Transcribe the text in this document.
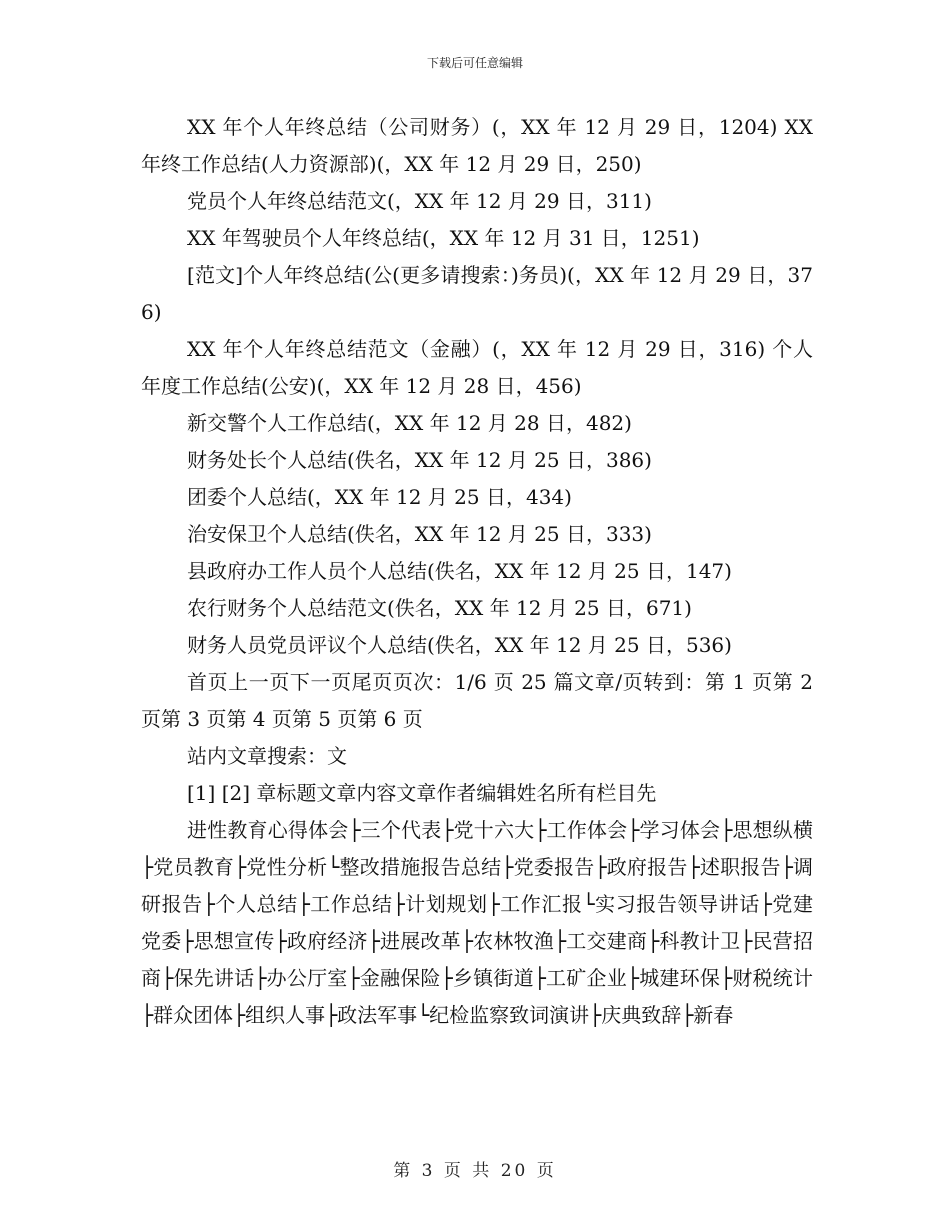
下载后可任意编辑

XX 年个人年终总结（公司财务）(，XX 年 12 月 29 日，1204) XX 年终工作总结(人力资源部)(，XX 年 12 月 29 日，250)

党员个人年终总结范文(，XX 年 12 月 29 日，311)

XX 年驾驶员个人年终总结(，XX 年 12 月 31 日，1251)

[范文]个人年终总结(公(更多请搜索：)务员)(，XX 年 12 月 29 日，376)

XX 年个人年终总结范文（金融）(，XX 年 12 月 29 日，316) 个人年度工作总结(公安)(，XX 年 12 月 28 日，456)

新交警个人工作总结(，XX 年 12 月 28 日，482)

财务处长个人总结(佚名，XX 年 12 月 25 日，386)

团委个人总结(，XX 年 12 月 25 日，434)

治安保卫个人总结(佚名，XX 年 12 月 25 日，333)

县政府办工作人员个人总结(佚名，XX 年 12 月 25 日，147)

农行财务个人总结范文(佚名，XX 年 12 月 25 日，671)

财务人员党员评议个人总结(佚名，XX 年 12 月 25 日，536)

首页上一页下一页尾页页次：1/6 页 25 篇文章/页转到：第 1 页第 2 页第 3 页第 4 页第 5 页第 6 页

站内文章搜索：文

[1] [2] 章标题文章内容文章作者编辑姓名所有栏目先

进性教育心得体会├三个代表├党十六大├工作体会├学习体会├思想纵横├党员教育├党性分析└整改措施报告总结├党委报告├政府报告├述职报告├调研报告├个人总结├工作总结├计划规划├工作汇报└实习报告领导讲话├党建党委├思想宣传├政府经济├进展改革├农林牧渔├工交建商├科教计卫├民营招商├保先讲话├办公厅室├金融保险├乡镇街道├工矿企业├城建环保├财税统计├群众团体├组织人事├政法军事└纪检监察致词演讲├庆典致辞├新春

第 3 页 共 20 页
